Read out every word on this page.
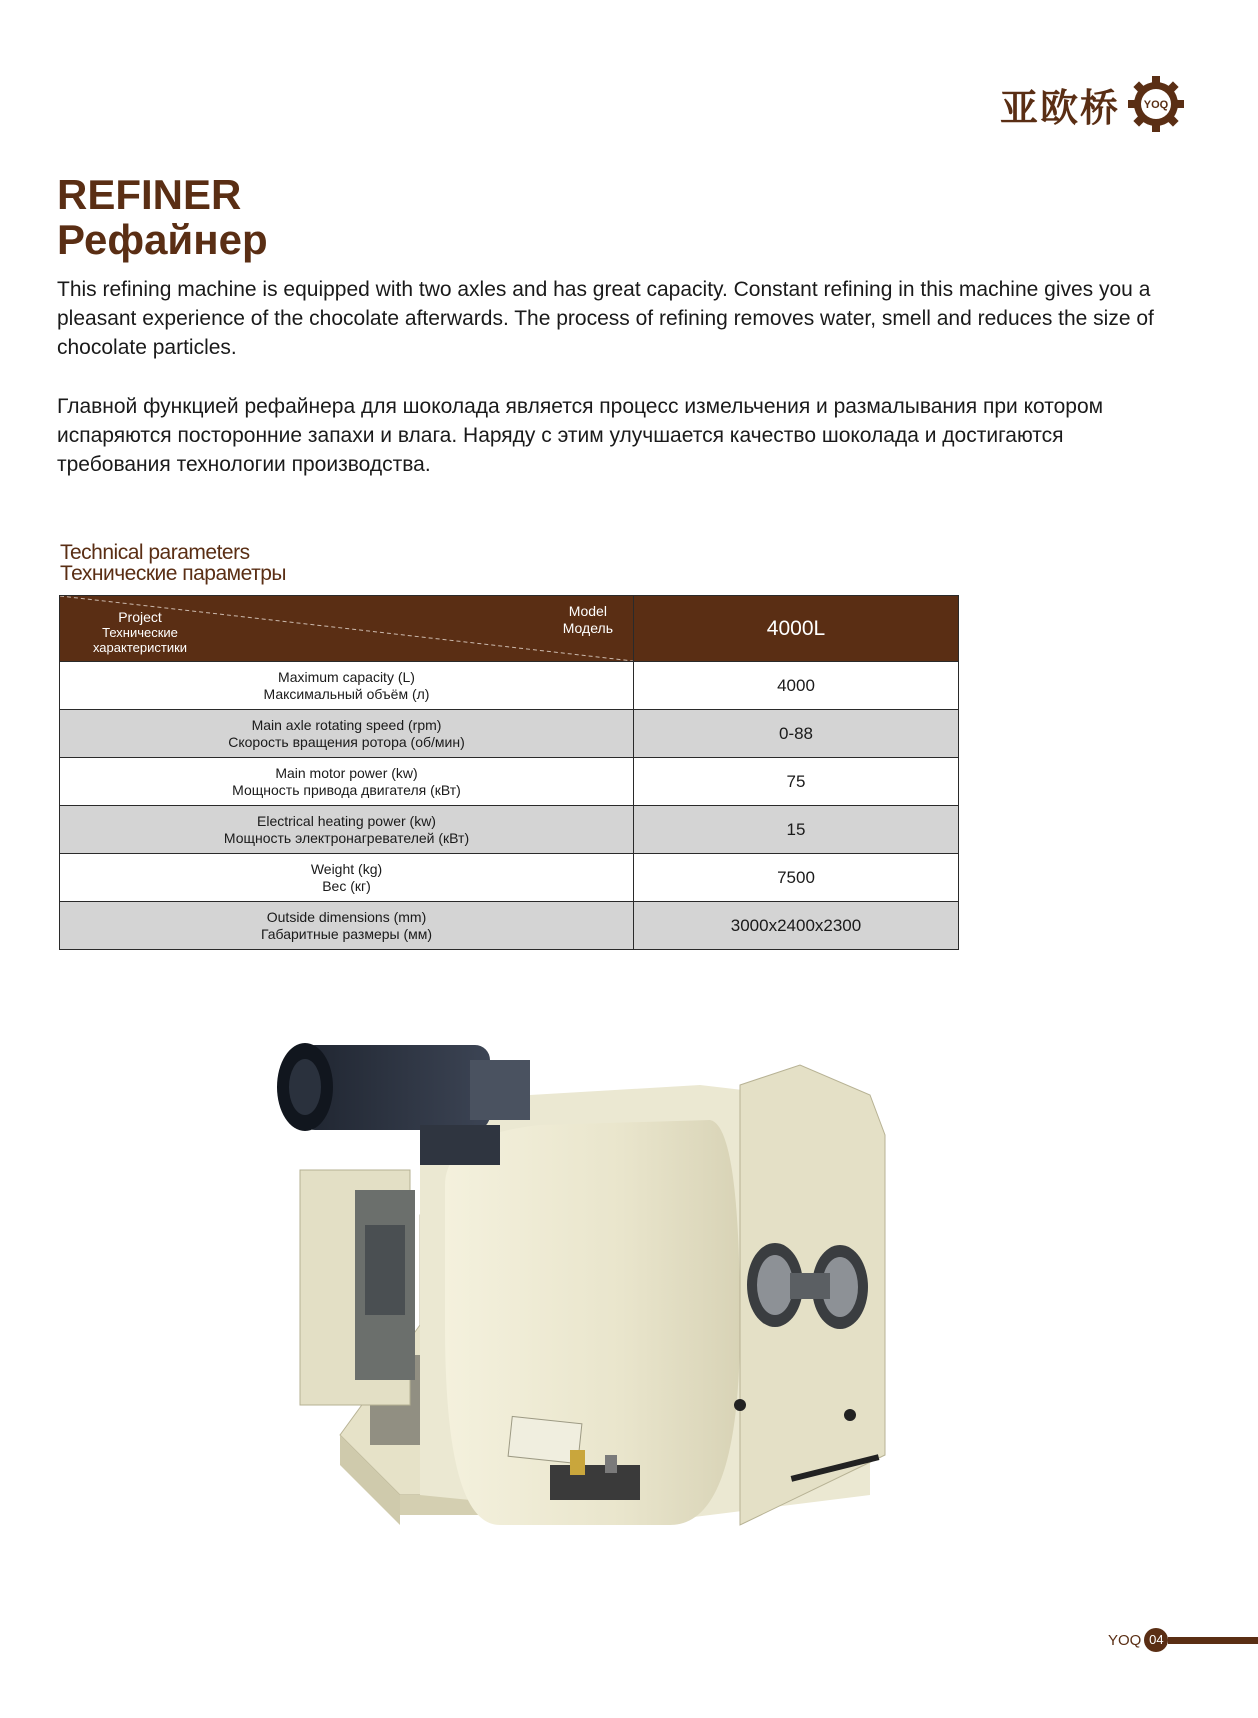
亚欧桥 YOQ
REFINER
Рефайнер

This refining machine is equipped with two axles and has great capacity. Constant refining in this machine gives you a pleasant experience of the chocolate afterwards. The process of refining removes water, smell and reduces the size of chocolate particles.

Главной функцией рефайнера для шоколада является процесс измельчения и размалывания при котором испаряются посторонние запахи и влага. Наряду с этим улучшается качество шоколада и достигаются требования технологии производства.

Technical parameters
Технические параметры
Project
Технические
характеристики
Model
Модель	4000L

Maximum capacity (L)
Максимальный объём (л)	4000

Main axle rotating speed (rpm)
Скорость вращения ротора (об/мин)	0-88

Main motor power (kw)
Мощность привода двигателя (кВт)	75

Electrical heating power (kw)
Мощность электронагревателей (кВт)	15

Weight (kg)
Вес (кг)	7500

Outside dimensions (mm)
Габаритные размеры (мм)	3000x2400x2300
YOQ 04
